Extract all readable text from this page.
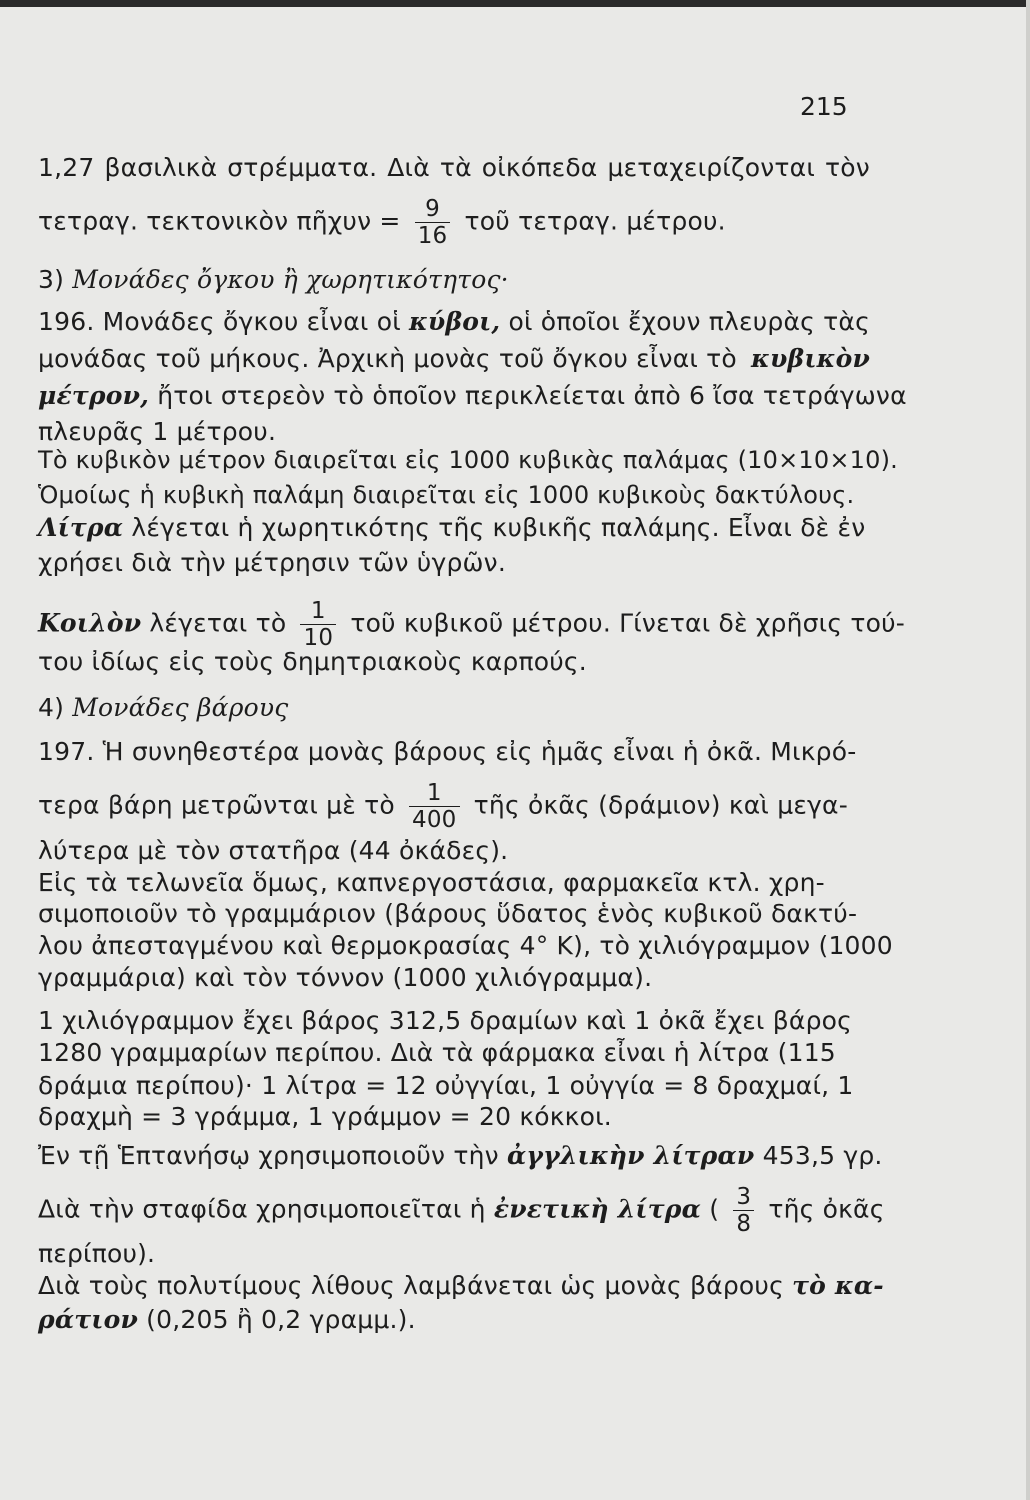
215
1,27 βασιλικὰ στρέμματα. Διὰ τὰ οἰκόπεδα μεταχειρίζονται τὸν
τετραγ. τεκτονικὸν πῆχυν = $\frac{9}{16}$ τοῦ τετραγ. μέτρου.
3) Μονάδες ὄγκου ἢ χωρητικότητος·
196. Μονάδες ὄγκου εἶναι οἱ κύβοι, οἱ ὁποῖοι ἔχουν πλευρὰς τὰς
μονάδας τοῦ μήκους. Ἀρχικὴ μονὰς τοῦ ὄγκου εἶναι τὸ κυβικὸν
μέτρον, ἤτοι στερεὸν τὸ ὁποῖον περικλείεται ἀπὸ 6 ἴσα τετράγωνα
πλευρᾶς 1 μέτρου.
Τὸ κυβικὸν μέτρον διαιρεῖται εἰς 1000 κυβικὰς παλάμας (10×10×10).
Ὁμοίως ἡ κυβικὴ παλάμη διαιρεῖται εἰς 1000 κυβικοὺς δακτύλους.
Λίτρα λέγεται ἡ χωρητικότης τῆς κυβικῆς παλάμης. Εἶναι δὲ ἐν
χρήσει διὰ τὴν μέτρησιν τῶν ὑγρῶν.
Κοιλὸν λέγεται τὸ $\frac{1}{10}$ τοῦ κυβικοῦ μέτρου. Γίνεται δὲ χρῆσις τού-
του ἰδίως εἰς τοὺς δημητριακοὺς καρπούς.
4) Μονάδες βάρους
197. Ἡ συνηθεστέρα μονὰς βάρους εἰς ἡμᾶς εἶναι ἡ ὀκᾶ. Μικρό-
τερα βάρη μετρῶνται μὲ τὸ $\frac{1}{400}$ τῆς ὀκᾶς (δράμιον) καὶ μεγα-
λύτερα μὲ τὸν στατῆρα (44 ὀκάδες).
Εἰς τὰ τελωνεῖα ὅμως, καπνεργοστάσια, φαρμακεῖα κτλ. χρη-
σιμοποιοῦν τὸ γραμμάριον (βάρους ὕδατος ἑνὸς κυβικοῦ δακτύ-
λου ἀπεσταγμένου καὶ θερμοκρασίας 4° Κ), τὸ χιλιόγραμμον (1000
γραμμάρια) καὶ τὸν τόννον (1000 χιλιόγραμμα).
1 χιλιόγραμμον ἔχει βάρος 312,5 δραμίων καὶ 1 ὀκᾶ ἔχει βάρος
1280 γραμμαρίων περίπου. Διὰ τὰ φάρμακα εἶναι ἡ λίτρα (115
δράμια περίπου)· 1 λίτρα = 12 οὐγγίαι, 1 οὐγγία = 8 δραχμαί, 1
δραχμὴ = 3 γράμμα, 1 γράμμον = 20 κόκκοι.
Ἐν τῇ Ἑπτανήσῳ χρησιμοποιοῦν τὴν ἀγγλικὴν λίτραν 453,5 γρ.
Διὰ τὴν σταφίδα χρησιμοποιεῖται ἡ ἐνετικὴ λίτρα ( $\frac{3}{8}$ τῆς ὀκᾶς
περίπου).
Διὰ τοὺς πολυτίμους λίθους λαμβάνεται ὡς μονὰς βάρους τὸ κα-
ράτιον (0,205 ἢ 0,2 γραμμ.).
